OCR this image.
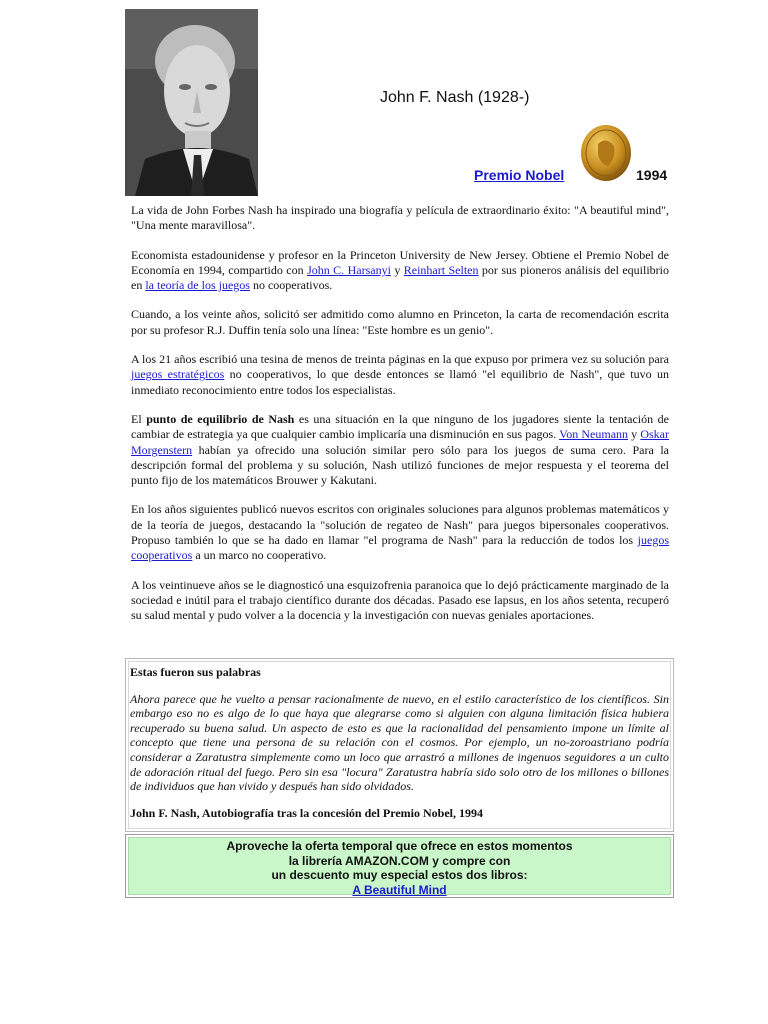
John F. Nash (1928-)
Premio Nobel	1994

La vida de John Forbes Nash ha inspirado una biografía y película de extraordinario éxito: "A beautiful mind", "Una mente maravillosa".

Economista estadounidense y profesor en la Princeton University de New Jersey. Obtiene el Premio Nobel de Economía en 1994, compartido con John C. Harsanyi y Reinhart Selten por sus pioneros análisis del equilibrio en la teoría de los juegos no cooperativos.

Cuando, a los veinte años, solicitó ser admitido como alumno en Princeton, la carta de recomendación escrita por su profesor R.J. Duffin tenía solo una línea: "Este hombre es un genio".

A los 21 años escribió una tesina de menos de treinta páginas en la que expuso por primera vez su solución para juegos estratégicos no cooperativos, lo que desde entonces se llamó "el equilibrio de Nash", que tuvo un inmediato reconocimiento entre todos los especialistas.

El punto de equilibrio de Nash es una situación en la que ninguno de los jugadores siente la tentación de cambiar de estrategia ya que cualquier cambio implicaría una disminución en sus pagos. Von Neumann y Oskar Morgenstern habían ya ofrecido una solución similar pero sólo para los juegos de suma cero. Para la descripción formal del problema y su solución, Nash utilizó funciones de mejor respuesta y el teorema del punto fijo de los matemáticos Brouwer y Kakutani.

En los años siguientes publicó nuevos escritos con originales soluciones para algunos problemas matemáticos y de la teoría de juegos, destacando la "solución de regateo de Nash" para juegos bipersonales cooperativos. Propuso también lo que se ha dado en llamar "el programa de Nash" para la reducción de todos los juegos cooperativos a un marco no cooperativo.

A los veintinueve años se le diagnosticó una esquizofrenia paranoica que lo dejó prácticamente marginado de la sociedad e inútil para el trabajo científico durante dos décadas. Pasado ese lapsus, en los años setenta, recuperó su salud mental y pudo volver a la docencia y la investigación con nuevas geniales aportaciones.

Estas fueron sus palabras
Ahora parece que he vuelto a pensar racionalmente de nuevo, en el estilo característico de los científicos. Sin embargo eso no es algo de lo que haya que alegrarse como si alguien con alguna limitación física hubiera recuperado su buena salud. Un aspecto de esto es que la racionalidad del pensamiento impone un límite al concepto que tiene una persona de su relación con el cosmos. Por ejemplo, un no-zoroastriano podría considerar a Zaratustra simplemente como un loco que arrastró a millones de ingenuos seguidores a un culto de adoración ritual del fuego. Pero sin esa "locura" Zaratustra habría sido solo otro de los millones o billones de individuos que han vivido y después han sido olvidados.
John F. Nash, Autobiografía tras la concesión del Premio Nobel, 1994
Aproveche la oferta temporal que ofrece en estos momentos
la librería AMAZON.COM y compre con
un descuento muy especial estos dos libros:
A Beautiful Mind
